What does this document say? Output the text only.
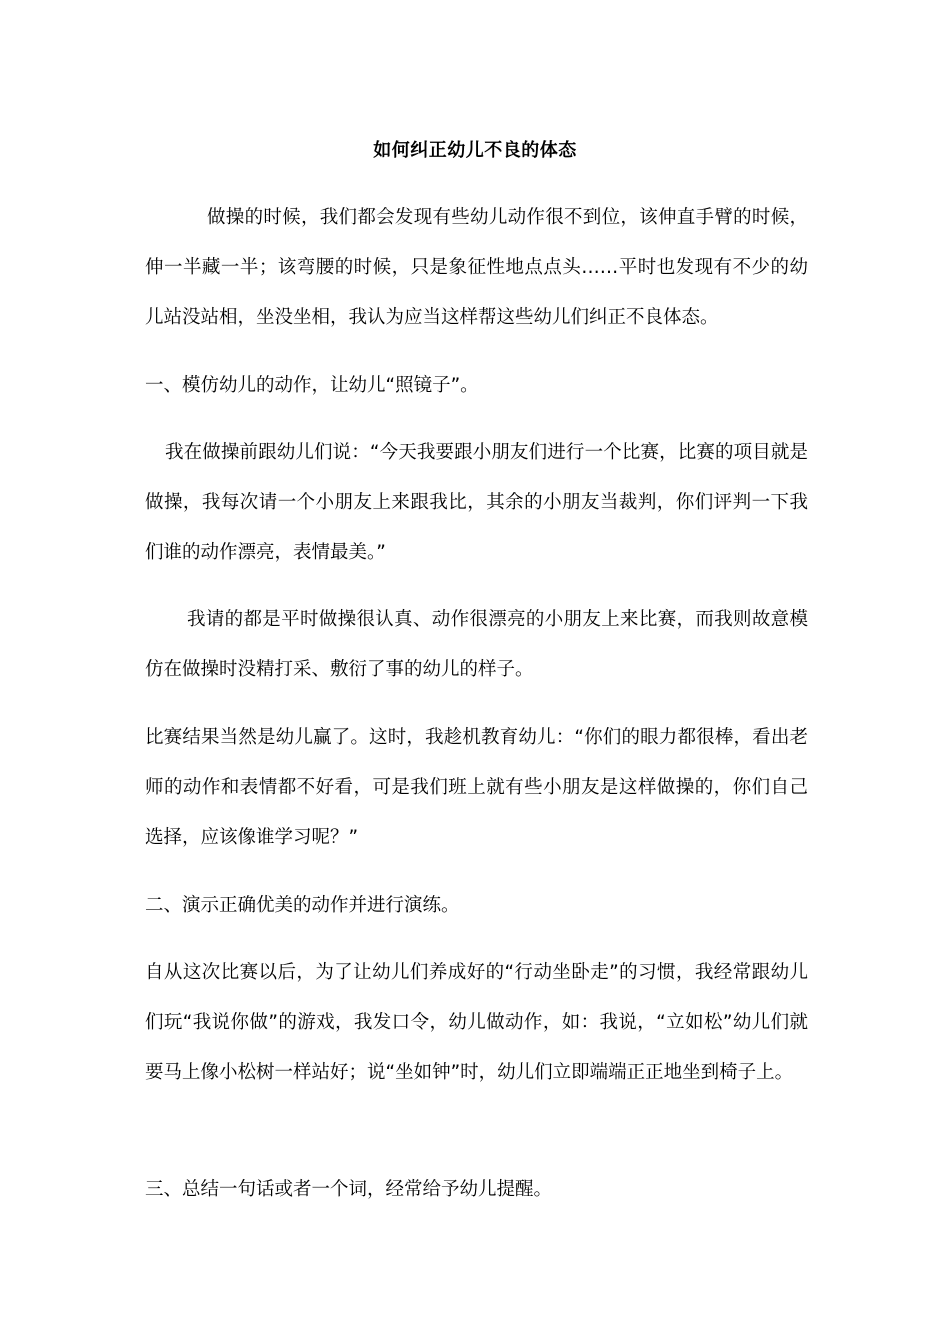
如何纠正幼儿不良的体态

做操的时候，我们都会发现有些幼儿动作很不到位，该伸直手臂的时候，伸一半藏一半；该弯腰的时候，只是象征性地点点头……平时也发现有不少的幼儿站没站相，坐没坐相，我认为应当这样帮这些幼儿们纠正不良体态。

一、模仿幼儿的动作，让幼儿“照镜子”。

我在做操前跟幼儿们说：“今天我要跟小朋友们进行一个比赛，比赛的项目就是做操，我每次请一个小朋友上来跟我比，其余的小朋友当裁判，你们评判一下我们谁的动作漂亮，表情最美。”

我请的都是平时做操很认真、动作很漂亮的小朋友上来比赛，而我则故意模仿在做操时没精打采、敷衍了事的幼儿的样子。

比赛结果当然是幼儿赢了。这时，我趁机教育幼儿：“你们的眼力都很棒，看出老师的动作和表情都不好看，可是我们班上就有些小朋友是这样做操的，你们自己选择，应该像谁学习呢？”

二、演示正确优美的动作并进行演练。

自从这次比赛以后，为了让幼儿们养成好的“行动坐卧走”的习惯，我经常跟幼儿们玩“我说你做”的游戏，我发口令，幼儿做动作，如：我说，“立如松”幼儿们就要马上像小松树一样站好；说“坐如钟”时，幼儿们立即端端正正地坐到椅子上。

三、总结一句话或者一个词，经常给予幼儿提醒。
